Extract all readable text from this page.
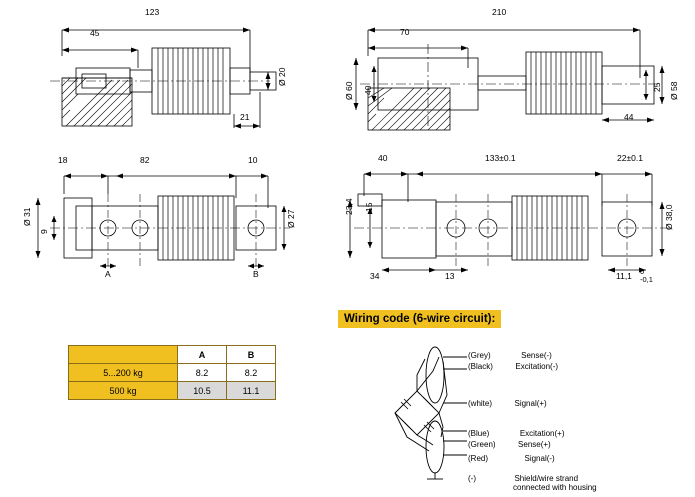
123
45
Ø 20
21
210
70
Ø 60 40	Ø 58
25
44
18	82	10
Ø 31
9
Ø 27
A	B
40	133±0.1	22±0.1
23,4 15	Ø 38,0
34	13	11,1 0
-0,1
	A	B
5...200 kg	8.2	8.2
500 kg	10.5	11.1
Wiring code (6-wire circuit):
(Grey)	Sense(-)
(Black)	Excitation(-)
(white)	Signal(+)
(Blue)	Excitation(+)
(Green)	Sense(+)
(Red)	Signal(-)
(-)	Shield/wire strand
connected with housing
